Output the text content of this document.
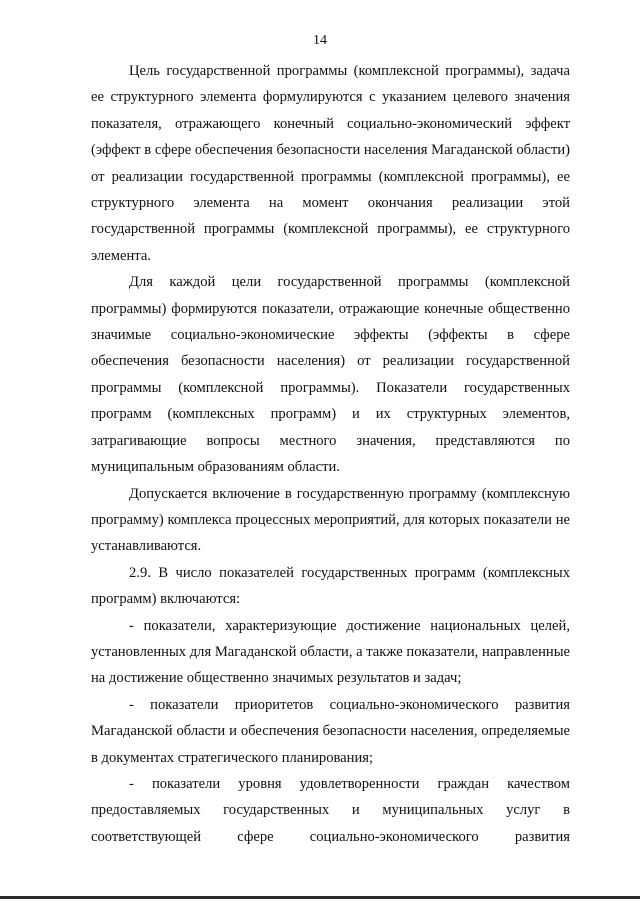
14

Цель государственной программы (комплексной программы), задача ее структурного элемента формулируются с указанием целевого значения показателя, отражающего конечный социально-экономический эффект (эффект в сфере обеспечения безопасности населения Магаданской области) от реализации государственной программы (комплексной программы), ее структурного элемента на момент окончания реализации этой государственной программы (комплексной программы), ее структурного элемента.

Для каждой цели государственной программы (комплексной программы) формируются показатели, отражающие конечные общественно значимые социально-экономические эффекты (эффекты в сфере обеспечения безопасности населения) от реализации государственной программы (комплексной программы). Показатели государственных программ (комплексных программ) и их структурных элементов, затрагивающие вопросы местного значения, представляются по муниципальным образованиям области.

Допускается включение в государственную программу (комплексную программу) комплекса процессных мероприятий, для которых показатели не устанавливаются.

2.9. В число показателей государственных программ (комплексных программ) включаются:

- показатели, характеризующие достижение национальных целей, установленных для Магаданской области, а также показатели, направленные на достижение общественно значимых результатов и задач;

- показатели приоритетов социально-экономического развития Магаданской области и обеспечения безопасности населения, определяемые в документах стратегического планирования;

- показатели уровня удовлетворенности граждан качеством предоставляемых государственных и муниципальных услуг в соответствующей сфере социально-экономического развития
